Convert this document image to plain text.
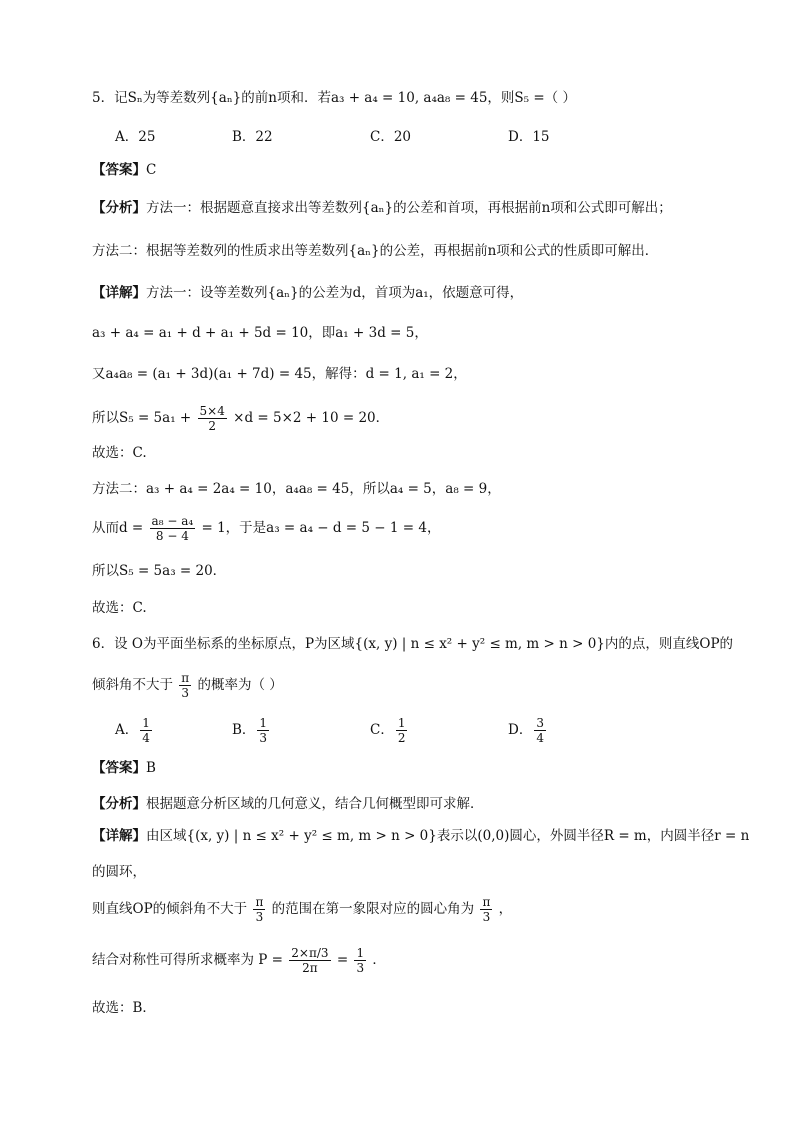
5．记Sₙ为等差数列{aₙ}的前n项和．若a₃ + a₄ = 10, a₄a₈ = 45，则S₅ =（ ）
A．25	B．22	C．20	D．15
【答案】C
【分析】方法一：根据题意直接求出等差数列{aₙ}的公差和首项，再根据前n项和公式即可解出；
方法二：根据等差数列的性质求出等差数列{aₙ}的公差，再根据前n项和公式的性质即可解出．
【详解】方法一：设等差数列{aₙ}的公差为d，首项为a₁，依题意可得，
a₃ + a₄ = a₁ + d + a₁ + 5d = 10，即a₁ + 3d = 5，
又a₄a₈ = (a₁ + 3d)(a₁ + 7d) = 45，解得：d = 1, a₁ = 2，
所以$S_5 = 5a_1 + \frac{5\times 4}{2} \times d = 5\times 2 + 10 = 20$．
故选：C.
方法二：a₃ + a₄ = 2a₄ = 10，a₄a₈ = 45，所以a₄ = 5，a₈ = 9，
从而$d = \frac{\text{a₈ − a₄}}{8 - 4} = 1$，于是a₃ = a₄ − d = 5 − 1 = 4，
所以S₅ = 5a₃ = 20．
故选：C.
6．设 O为平面坐标系的坐标原点，P为区域{(x, y) | n ≤ x² + y² ≤ m, m > n > 0}内的点，则直线OP的
倾斜角不大于 $\frac{\pi}{3}$ 的概率为（ ）
A． $\frac{1}{4}$	B． $\frac{1}{3}$	C． $\frac{1}{2}$	D． $\frac{3}{4}$
【答案】B
【分析】根据题意分析区域的几何意义，结合几何概型即可求解．
【详解】由区域{(x, y) | n ≤ x² + y² ≤ m, m > n > 0}表示以(0,0)圆心，外圆半径R = m，内圆半径r = n
的圆环，
则直线OP的倾斜角不大于 $\frac{\pi}{3}$ 的范围在第一象限对应的圆心角为 $\frac{\pi}{3}$ ，
结合对称性可得所求概率为 $P = \frac{2\times\pi/3}{2\pi} = \frac{1}{3}$ ．
故选：B．
